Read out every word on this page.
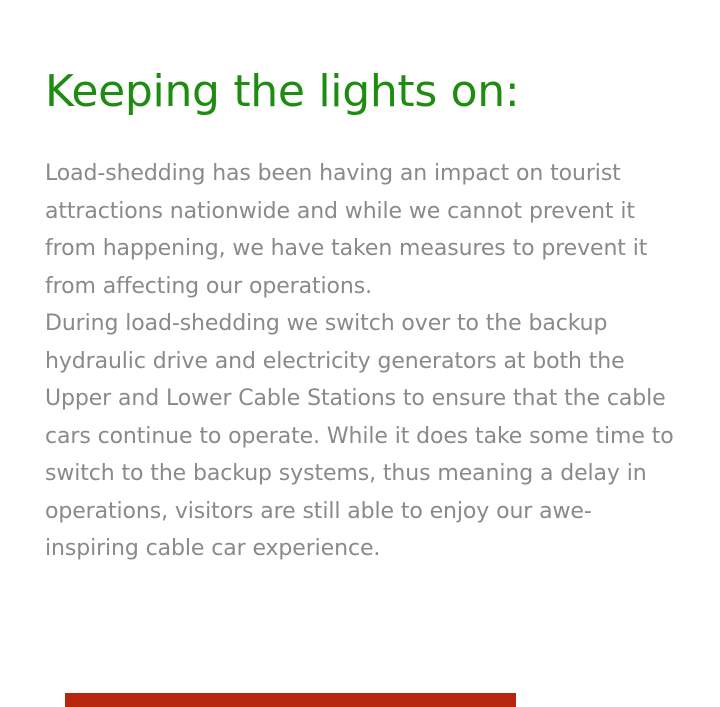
Keeping the lights on:

Load-shedding has been having an impact on tourist attractions nationwide and while we cannot prevent it from happening, we have taken measures to prevent it from affecting our operations.

During load-shedding we switch over to the backup hydraulic drive and electricity generators at both the Upper and Lower Cable Stations to ensure that the cable cars continue to operate. While it does take some time to switch to the backup systems, thus meaning a delay in operations, visitors are still able to enjoy our awe-inspiring cable car experience.
